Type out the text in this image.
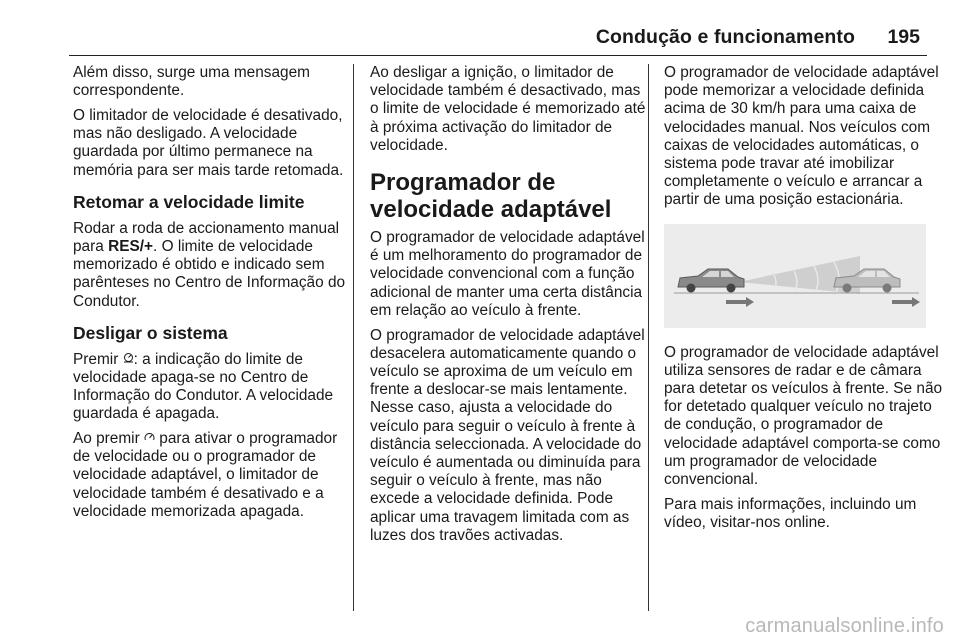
Condução e funcionamento 195

Além disso, surge uma mensagem correspondente.

O limitador de velocidade é desativado, mas não desligado. A velocidade guardada por último permanece na memória para ser mais tarde retomada.

Retomar a velocidade limite

Rodar a roda de accionamento manual para RES/+. O limite de velocidade memorizado é obtido e indicado sem parênteses no Centro de Informação do Condutor.

Desligar o sistema

Premir : a indicação do limite de velocidade apaga-se no Centro de Informação do Condutor. A velocidade guardada é apagada.

Ao premir  para ativar o programador de velocidade ou o programador de velocidade adaptável, o limitador de velocidade também é desativado e a velocidade memorizada apagada.

Ao desligar a ignição, o limitador de velocidade também é desactivado, mas o limite de velocidade é memorizado até à próxima activação do limitador de velocidade.

Programador de velocidade adaptável

O programador de velocidade adaptável é um melhoramento do programador de velocidade convencional com a função adicional de manter uma certa distância em relação ao veículo à frente.

O programador de velocidade adaptável desacelera automaticamente quando o veículo se aproxima de um veículo em frente a deslocar-se mais lentamente. Nesse caso, ajusta a velocidade do veículo para seguir o veículo à frente à distância seleccionada. A velocidade do veículo é aumentada ou diminuída para seguir o veículo à frente, mas não excede a velocidade definida. Pode aplicar uma travagem limitada com as luzes dos travões activadas.

O programador de velocidade adaptável pode memorizar a velocidade definida acima de 30 km/h para uma caixa de velocidades manual. Nos veículos com caixas de velocidades automáticas, o sistema pode travar até imobilizar completamente o veículo e arrancar a partir de uma posição estacionária.

O programador de velocidade adaptável utiliza sensores de radar e de câmara para detetar os veículos à frente. Se não for detetado qualquer veículo no trajeto de condução, o programador de velocidade adaptável comporta-se como um programador de velocidade convencional.

Para mais informações, incluindo um vídeo, visitar-nos online.

carmanualsonline.info
